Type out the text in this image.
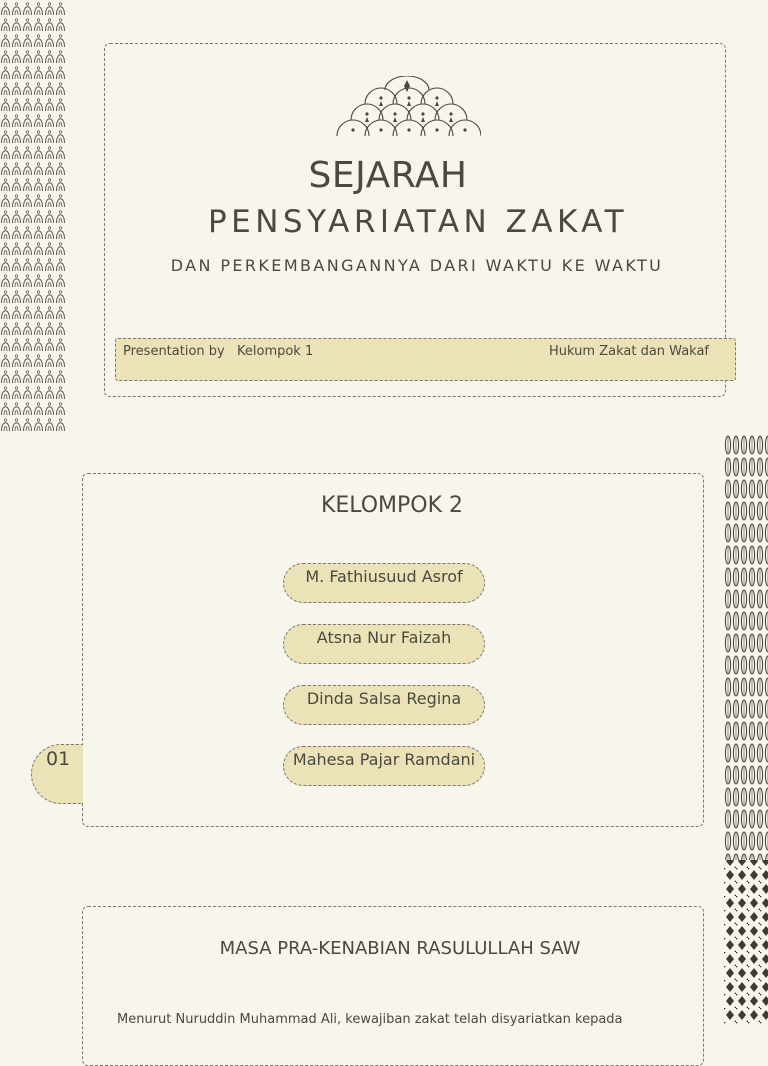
SEJARAH
PENSYARIATAN ZAKAT
DAN PERKEMBANGANNYA DARI WAKTU KE WAKTU
Presentation by Kelompok 1	Hukum Zakat dan Wakaf
KELOMPOK 2
M. Fathiusuud Asrof
Atsna Nur Faizah
Dinda Salsa Regina
Mahesa Pajar Ramdani
01
MASA PRA-KENABIAN RASULULLAH SAW
Menurut Nuruddin Muhammad Ali, kewajiban zakat telah disyariatkan kepada
